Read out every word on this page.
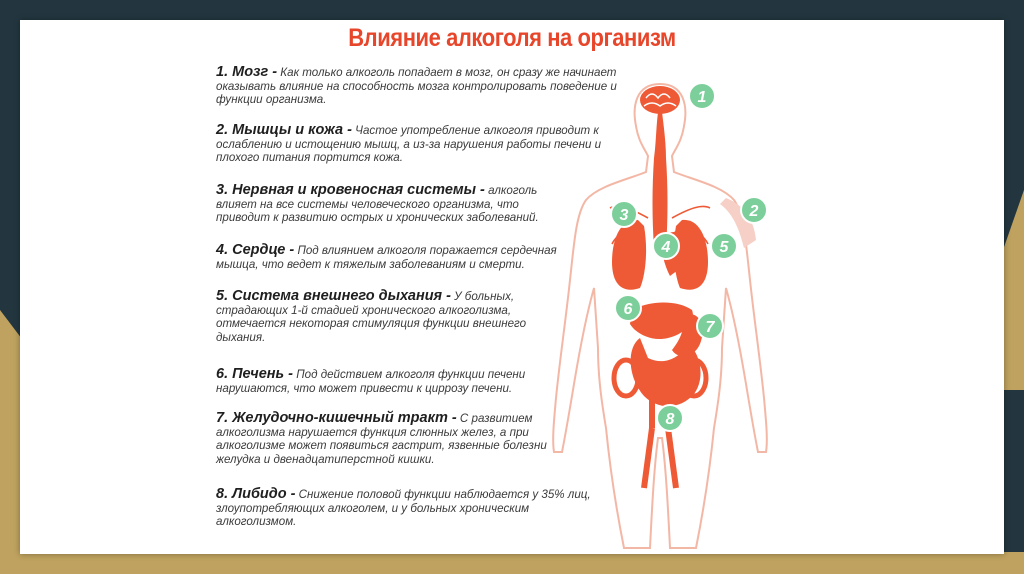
Влияние алкоголя на организм
1. Мозг - Как только алкоголь попадает в мозг, он сразу же начинает оказывать влияние на способность мозга контролировать поведение и функции организма.
2. Мышцы и кожа - Частое употребление алкоголя приводит к ослаблению и истощению мышц, а из-за нарушения работы печени и плохого питания портится кожа.
3. Нервная и кровеносная системы - алкоголь влияет на все системы человеческого организма, что приводит к развитию острых и хронических заболеваний.
4. Сердце - Под влиянием алкоголя поражается сердечная мышца, что ведет к тяжелым заболеваниям и смерти.
5. Система внешнего дыхания - У больных, страдающих 1-й стадией хронического алкоголизма, отмечается некоторая стимуляция функции внешнего дыхания.
6. Печень - Под действием алкоголя функции печени нарушаются, что может привести к циррозу печени.
7. Желудочно-кишечный тракт - С развитием алкоголизма нарушается функция слюнных желез, а при алкоголизме может появиться гастрит, язвенные болезни желудка и двенадцатиперстной кишки.
8. Либидо - Снижение половой функции наблюдается у 35% лиц, злоупотребляющих алкоголем, и у больных хроническим алкоголизмом.
1
2
3
4	5
6
7
8
